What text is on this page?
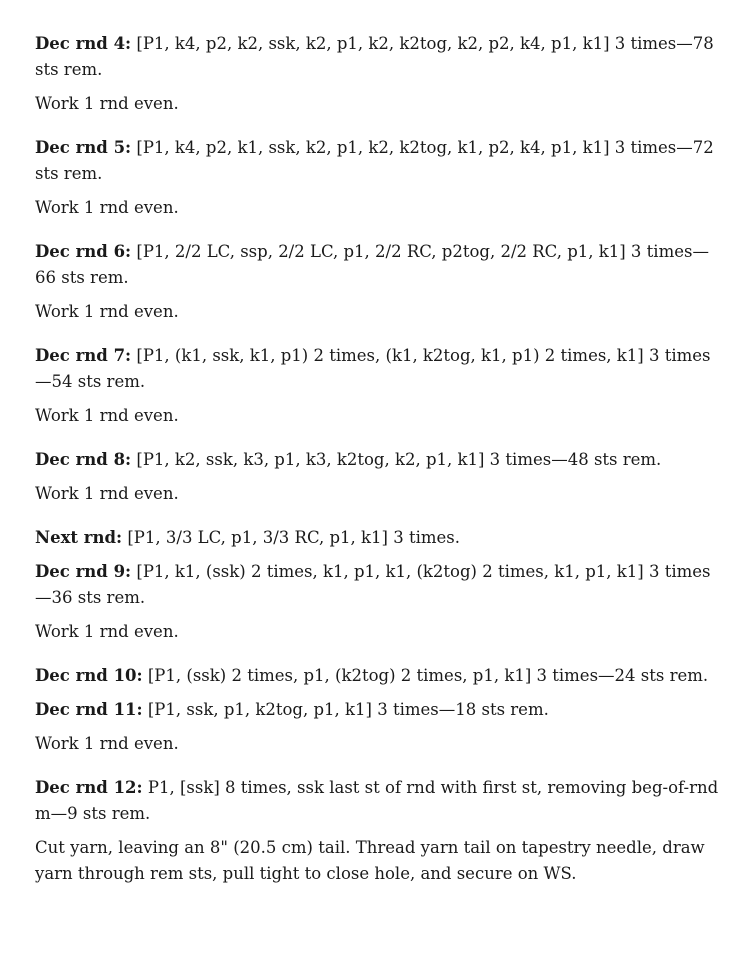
Dec rnd 4: [P1, k4, p2, k2, ssk, k2, p1, k2, k2tog, k2, p2, k4, p1, k1] 3 times—78 sts rem.

Work 1 rnd even.

Dec rnd 5: [P1, k4, p2, k1, ssk, k2, p1, k2, k2tog, k1, p2, k4, p1, k1] 3 times—72 sts rem.

Work 1 rnd even.

Dec rnd 6: [P1, 2/2 LC, ssp, 2/2 LC, p1, 2/2 RC, p2tog, 2/2 RC, p1, k1] 3 times—66 sts rem.

Work 1 rnd even.

Dec rnd 7: [P1, (k1, ssk, k1, p1) 2 times, (k1, k2tog, k1, p1) 2 times, k1] 3 times—54 sts rem.

Work 1 rnd even.

Dec rnd 8: [P1, k2, ssk, k3, p1, k3, k2tog, k2, p1, k1] 3 times—48 sts rem.

Work 1 rnd even.

Next rnd: [P1, 3/3 LC, p1, 3/3 RC, p1, k1] 3 times.

Dec rnd 9: [P1, k1, (ssk) 2 times, k1, p1, k1, (k2tog) 2 times, k1, p1, k1] 3 times—36 sts rem.

Work 1 rnd even.

Dec rnd 10: [P1, (ssk) 2 times, p1, (k2tog) 2 times, p1, k1] 3 times—24 sts rem.

Dec rnd 11: [P1, ssk, p1, k2tog, p1, k1] 3 times—18 sts rem.

Work 1 rnd even.

Dec rnd 12: P1, [ssk] 8 times, ssk last st of rnd with first st, removing beg-of-rnd m—9 sts rem.

Cut yarn, leaving an 8" (20.5 cm) tail. Thread yarn tail on tapestry needle, draw yarn through rem sts, pull tight to close hole, and secure on WS.
